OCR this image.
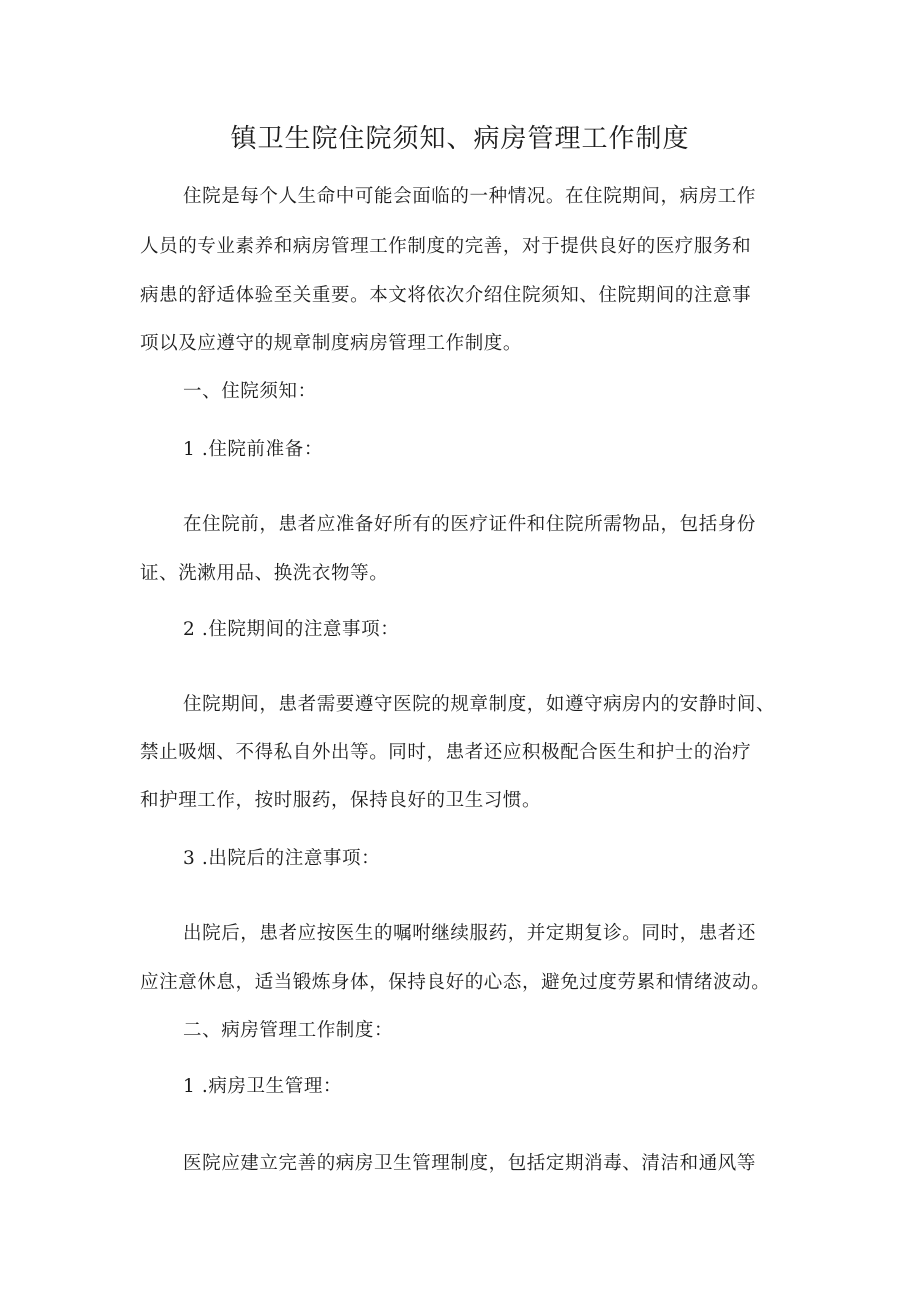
镇卫生院住院须知、病房管理工作制度

住院是每个人生命中可能会面临的一种情况。在住院期间，病房工作

人员的专业素养和病房管理工作制度的完善，对于提供良好的医疗服务和

病患的舒适体验至关重要。本文将依次介绍住院须知、住院期间的注意事

项以及应遵守的规章制度病房管理工作制度。

一、住院须知：

1 .住院前准备：

在住院前，患者应准备好所有的医疗证件和住院所需物品，包括身份

证、洗漱用品、换洗衣物等。

2 .住院期间的注意事项：

住院期间，患者需要遵守医院的规章制度，如遵守病房内的安静时间、

禁止吸烟、不得私自外出等。同时，患者还应积极配合医生和护士的治疗

和护理工作，按时服药，保持良好的卫生习惯。

3 .出院后的注意事项：

出院后，患者应按医生的嘱咐继续服药，并定期复诊。同时，患者还

应注意休息，适当锻炼身体，保持良好的心态，避免过度劳累和情绪波动。

二、病房管理工作制度：

1 .病房卫生管理：

医院应建立完善的病房卫生管理制度，包括定期消毒、清洁和通风等
